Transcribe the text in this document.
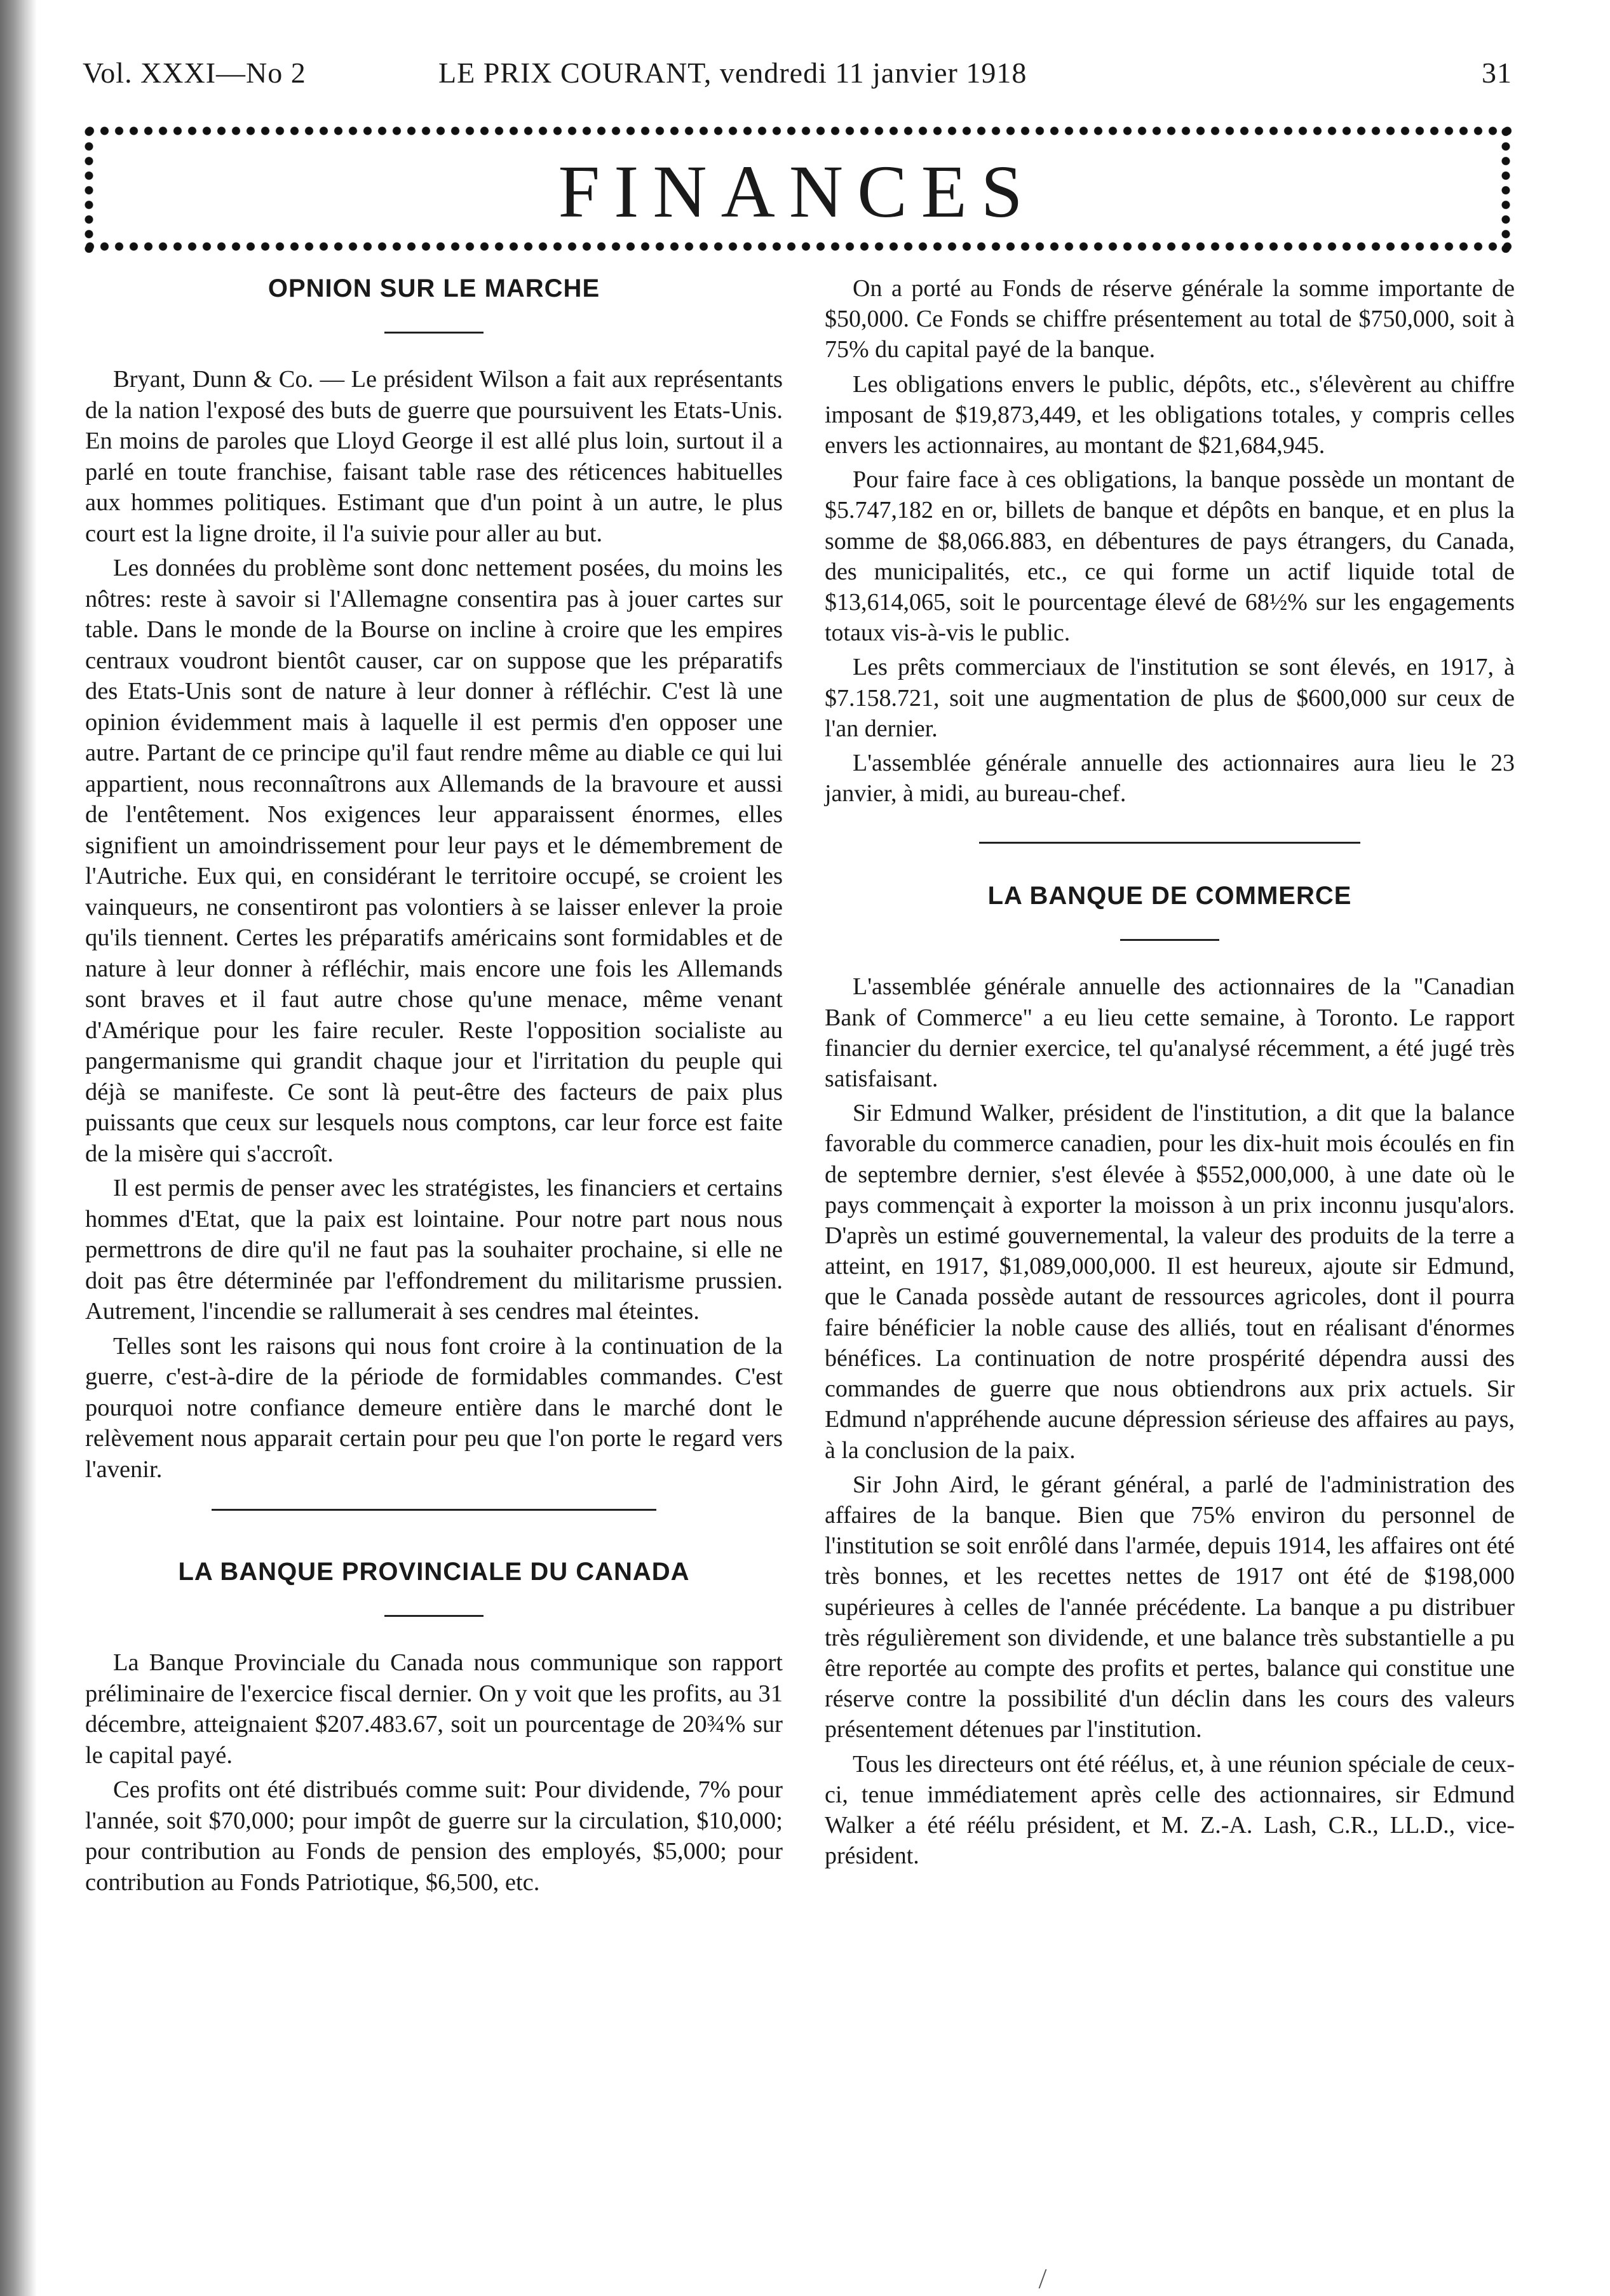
Vol. XXXI—No 2	LE PRIX COURANT, vendredi 11 janvier 1918	31
FINANCES
OPNION SUR LE MARCHE

Bryant, Dunn & Co. — Le président Wilson a fait aux représentants de la nation l'exposé des buts de guerre que poursuivent les Etats-Unis. En moins de paroles que Lloyd George il est allé plus loin, surtout il a parlé en toute franchise, faisant table rase des réticences habituelles aux hommes politiques. Estimant que d'un point à un autre, le plus court est la ligne droite, il l'a suivie pour aller au but.

Les données du problème sont donc nettement posées, du moins les nôtres: reste à savoir si l'Allemagne consentira pas à jouer cartes sur table. Dans le monde de la Bourse on incline à croire que les empires centraux voudront bientôt causer, car on suppose que les préparatifs des Etats-Unis sont de nature à leur donner à réfléchir. C'est là une opinion évidemment mais à laquelle il est permis d'en opposer une autre. Partant de ce principe qu'il faut rendre même au diable ce qui lui appartient, nous reconnaîtrons aux Allemands de la bravoure et aussi de l'entêtement. Nos exigences leur apparaissent énormes, elles signifient un amoindrissement pour leur pays et le démembrement de l'Autriche. Eux qui, en considérant le territoire occupé, se croient les vainqueurs, ne consentiront pas volontiers à se laisser enlever la proie qu'ils tiennent. Certes les préparatifs américains sont formidables et de nature à leur donner à réfléchir, mais encore une fois les Allemands sont braves et il faut autre chose qu'une menace, même venant d'Amérique pour les faire reculer. Reste l'opposition socialiste au pangermanisme qui grandit chaque jour et l'irritation du peuple qui déjà se manifeste. Ce sont là peut-être des facteurs de paix plus puissants que ceux sur lesquels nous comptons, car leur force est faite de la misère qui s'accroît.

Il est permis de penser avec les stratégistes, les financiers et certains hommes d'Etat, que la paix est lointaine. Pour notre part nous nous permettrons de dire qu'il ne faut pas la souhaiter prochaine, si elle ne doit pas être déterminée par l'effondrement du militarisme prussien. Autrement, l'incendie se rallumerait à ses cendres mal éteintes.

Telles sont les raisons qui nous font croire à la continuation de la guerre, c'est-à-dire de la période de formidables commandes. C'est pourquoi notre confiance demeure entière dans le marché dont le relèvement nous apparait certain pour peu que l'on porte le regard vers l'avenir.

LA BANQUE PROVINCIALE DU CANADA

La Banque Provinciale du Canada nous communique son rapport préliminaire de l'exercice fiscal dernier. On y voit que les profits, au 31 décembre, atteignaient $207.483.67, soit un pourcentage de 20¾% sur le capital payé.

Ces profits ont été distribués comme suit: Pour dividende, 7% pour l'année, soit $70,000; pour impôt de guerre sur la circulation, $10,000; pour contribution au Fonds de pension des employés, $5,000; pour contribution au Fonds Patriotique, $6,500, etc.

On a porté au Fonds de réserve générale la somme importante de $50,000. Ce Fonds se chiffre présentement au total de $750,000, soit à 75% du capital payé de la banque.

Les obligations envers le public, dépôts, etc., s'élevèrent au chiffre imposant de $19,873,449, et les obligations totales, y compris celles envers les actionnaires, au montant de $21,684,945.

Pour faire face à ces obligations, la banque possède un montant de $5.747,182 en or, billets de banque et dépôts en banque, et en plus la somme de $8,066.883, en débentures de pays étrangers, du Canada, des municipalités, etc., ce qui forme un actif liquide total de $13,614,065, soit le pourcentage élevé de 68½% sur les engagements totaux vis-à-vis le public.

Les prêts commerciaux de l'institution se sont élevés, en 1917, à $7.158.721, soit une augmentation de plus de $600,000 sur ceux de l'an dernier.

L'assemblée générale annuelle des actionnaires aura lieu le 23 janvier, à midi, au bureau-chef.

LA BANQUE DE COMMERCE

L'assemblée générale annuelle des actionnaires de la "Canadian Bank of Commerce" a eu lieu cette semaine, à Toronto. Le rapport financier du dernier exercice, tel qu'analysé récemment, a été jugé très satisfaisant.

Sir Edmund Walker, président de l'institution, a dit que la balance favorable du commerce canadien, pour les dix-huit mois écoulés en fin de septembre dernier, s'est élevée à $552,000,000, à une date où le pays commençait à exporter la moisson à un prix inconnu jusqu'alors. D'après un estimé gouvernemental, la valeur des produits de la terre a atteint, en 1917, $1,089,000,000. Il est heureux, ajoute sir Edmund, que le Canada possède autant de ressources agricoles, dont il pourra faire bénéficier la noble cause des alliés, tout en réalisant d'énormes bénéfices. La continuation de notre prospérité dépendra aussi des commandes de guerre que nous obtiendrons aux prix actuels. Sir Edmund n'appréhende aucune dépression sérieuse des affaires au pays, à la conclusion de la paix.

Sir John Aird, le gérant général, a parlé de l'administration des affaires de la banque. Bien que 75% environ du personnel de l'institution se soit enrôlé dans l'armée, depuis 1914, les affaires ont été très bonnes, et les recettes nettes de 1917 ont été de $198,000 supérieures à celles de l'année précédente. La banque a pu distribuer très régulièrement son dividende, et une balance très substantielle a pu être reportée au compte des profits et pertes, balance qui constitue une réserve contre la possibilité d'un déclin dans les cours des valeurs présentement détenues par l'institution.

Tous les directeurs ont été réélus, et, à une réunion spéciale de ceux-ci, tenue immédiatement après celle des actionnaires, sir Edmund Walker a été réélu président, et M. Z.-A. Lash, C.R., LL.D., vice-président.
